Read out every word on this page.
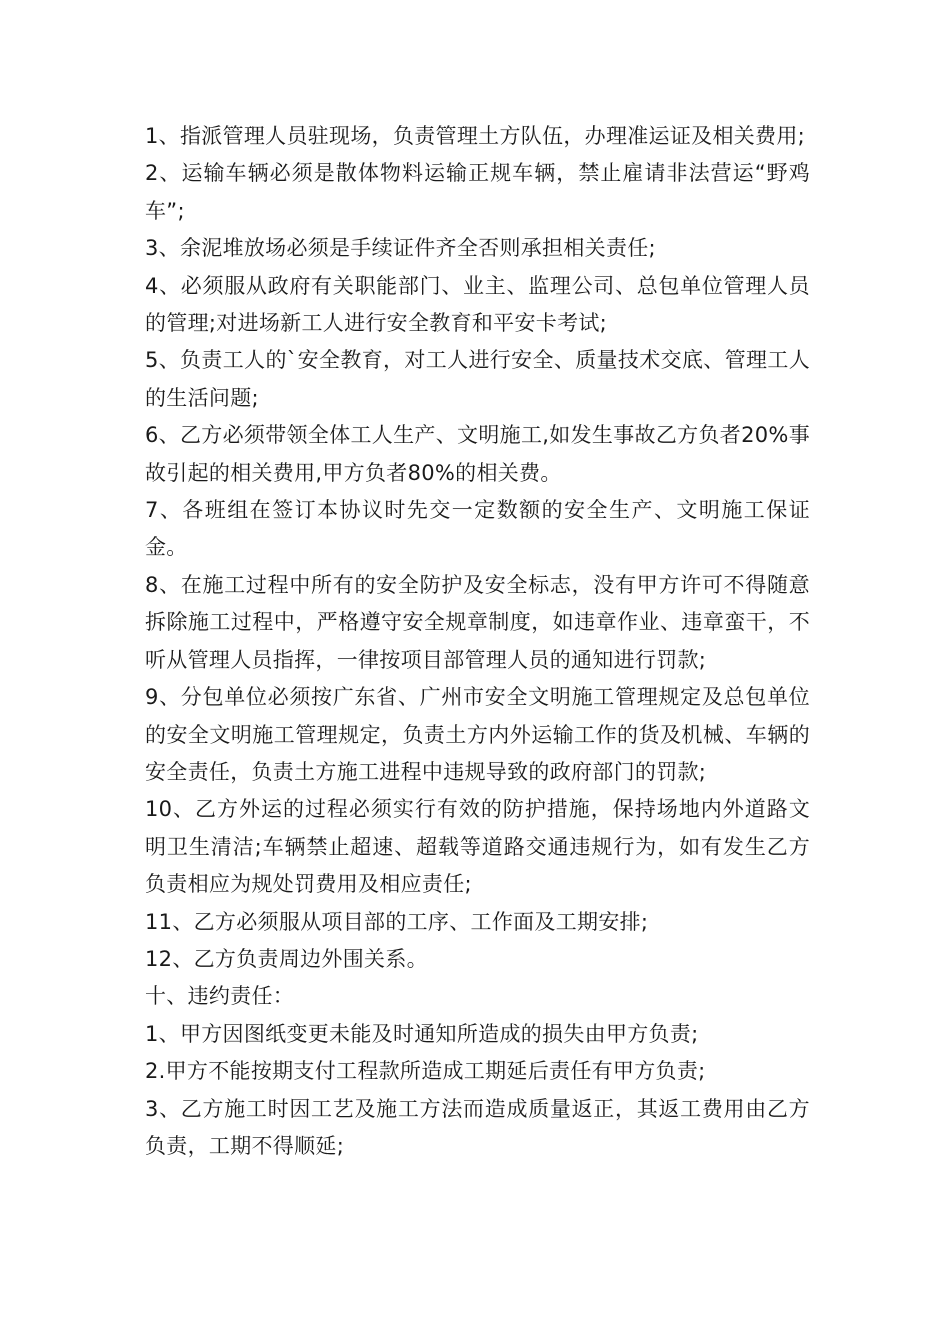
1、指派管理人员驻现场，负责管理土方队伍，办理准运证及相关费用;

2、运输车辆必须是散体物料运输正规车辆，禁止雇请非法营运“野鸡车”;

3、余泥堆放场必须是手续证件齐全否则承担相关责任;

4、必须服从政府有关职能部门、业主、监理公司、总包单位管理人员的管理;对进场新工人进行安全教育和平安卡考试;

5、负责工人的`安全教育，对工人进行安全、质量技术交底、管理工人的生活问题;

6、乙方必须带领全体工人生产、文明施工,如发生事故乙方负者20%事故引起的相关费用,甲方负者80%的相关费。

7、各班组在签订本协议时先交一定数额的安全生产、文明施工保证金。

8、在施工过程中所有的安全防护及安全标志，没有甲方许可不得随意拆除施工过程中，严格遵守安全规章制度，如违章作业、违章蛮干，不听从管理人员指挥，一律按项目部管理人员的通知进行罚款;

9、分包单位必须按广东省、广州市安全文明施工管理规定及总包单位的安全文明施工管理规定，负责土方内外运输工作的货及机械、车辆的安全责任，负责土方施工进程中违规导致的政府部门的罚款;

10、乙方外运的过程必须实行有效的防护措施，保持场地内外道路文明卫生清洁;车辆禁止超速、超载等道路交通违规行为，如有发生乙方负责相应为规处罚费用及相应责任;

11、乙方必须服从项目部的工序、工作面及工期安排;

12、乙方负责周边外围关系。

十、违约责任：

1、甲方因图纸变更未能及时通知所造成的损失由甲方负责;

2.甲方不能按期支付工程款所造成工期延后责任有甲方负责;

3、乙方施工时因工艺及施工方法而造成质量返正，其返工费用由乙方负责，工期不得顺延;
